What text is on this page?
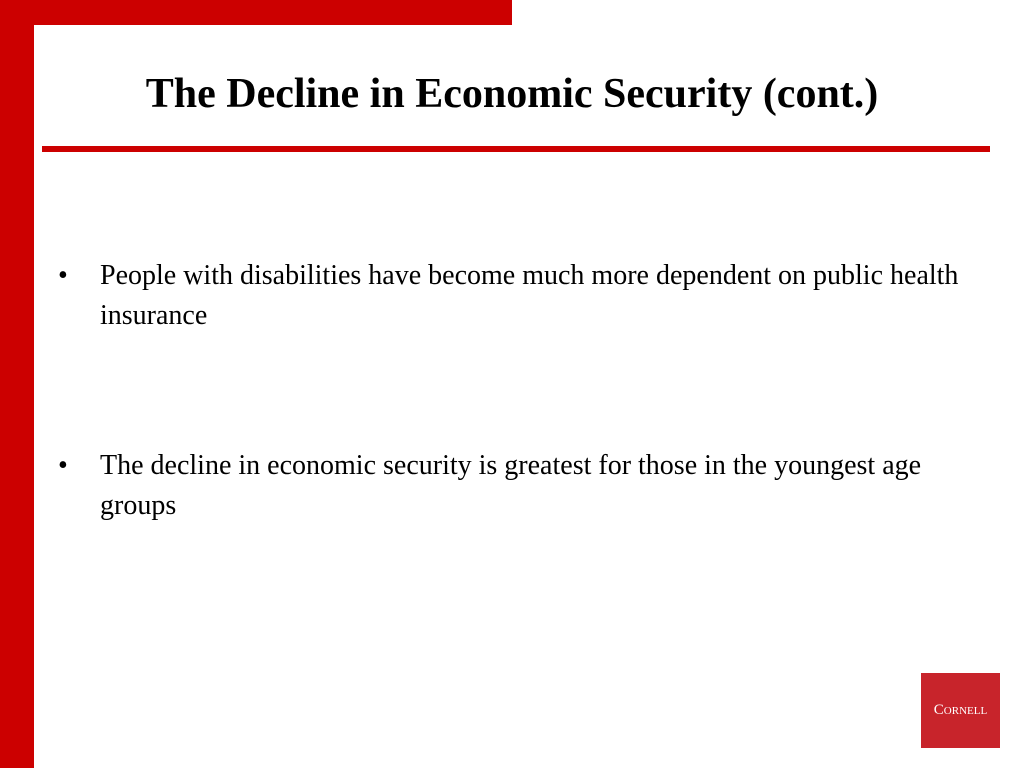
The Decline in Economic Security (cont.)
• People with disabilities have become much more dependent on public health insurance
• The decline in economic security is greatest for those in the youngest age groups
Cornell
